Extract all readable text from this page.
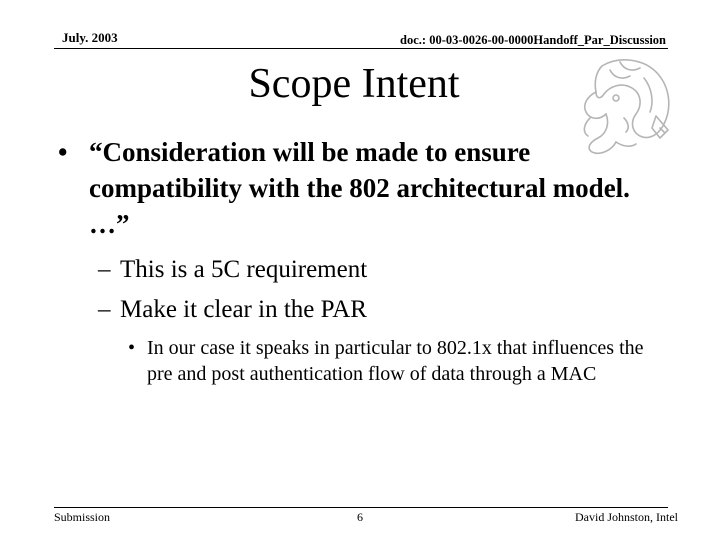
July. 2003	doc.: 00-03-0026-00-0000Handoff_Par_Discussion
Scope Intent
• “Consideration will be made to ensure compatibility with the 802 architectural model. …”
– This is a 5C requirement
– Make it clear in the PAR
• In our case it speaks in particular to 802.1x that influences the pre and post authentication flow of data through a MAC
Submission	6	David Johnston, Intel
